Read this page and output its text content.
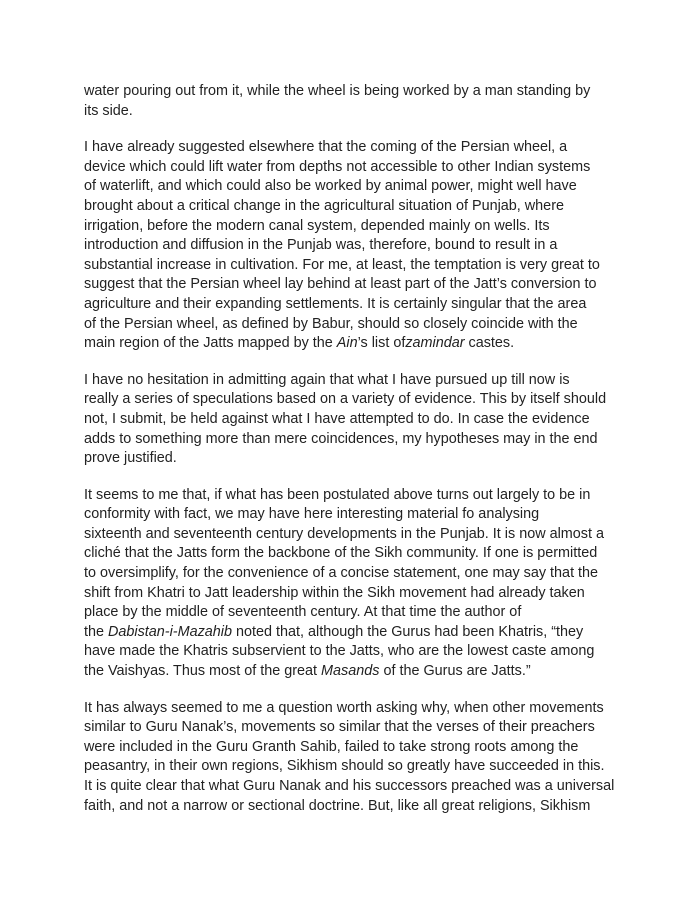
water pouring out from it, while the wheel is being worked by a man standing by
its side.

I have already suggested elsewhere that the coming of the Persian wheel, a
device which could lift water from depths not accessible to other Indian systems
of waterlift, and which could also be worked by animal power, might well have
brought about a critical change in the agricultural situation of Punjab, where
irrigation, before the modern canal system, depended mainly on wells. Its
introduction and diffusion in the Punjab was, therefore, bound to result in a
substantial increase in cultivation. For me, at least, the temptation is very great to
suggest that the Persian wheel lay behind at least part of the Jatt’s conversion to
agriculture and their expanding settlements. It is certainly singular that the area
of the Persian wheel, as defined by Babur, should so closely coincide with the
main region of the Jatts mapped by the Ain’s list ofzamindar castes.

I have no hesitation in admitting again that what I have pursued up till now is
really a series of speculations based on a variety of evidence. This by itself should
not, I submit, be held against what I have attempted to do. In case the evidence
adds to something more than mere coincidences, my hypotheses may in the end
prove justified.

It seems to me that, if what has been postulated above turns out largely to be in
conformity with fact, we may have here interesting material fo analysing
sixteenth and seventeenth century developments in the Punjab. It is now almost a
cliché that the Jatts form the backbone of the Sikh community. If one is permitted
to oversimplify, for the convenience of a concise statement, one may say that the
shift from Khatri to Jatt leadership within the Sikh movement had already taken
place by the middle of seventeenth century. At that time the author of
the Dabistan-i-Mazahib noted that, although the Gurus had been Khatris, “they
have made the Khatris subservient to the Jatts, who are the lowest caste among
the Vaishyas. Thus most of the great Masands of the Gurus are Jatts.”

It has always seemed to me a question worth asking why, when other movements
similar to Guru Nanak’s, movements so similar that the verses of their preachers
were included in the Guru Granth Sahib, failed to take strong roots among the
peasantry, in their own regions, Sikhism should so greatly have succeeded in this.
It is quite clear that what Guru Nanak and his successors preached was a universal
faith, and not a narrow or sectional doctrine. But, like all great religions, Sikhism
